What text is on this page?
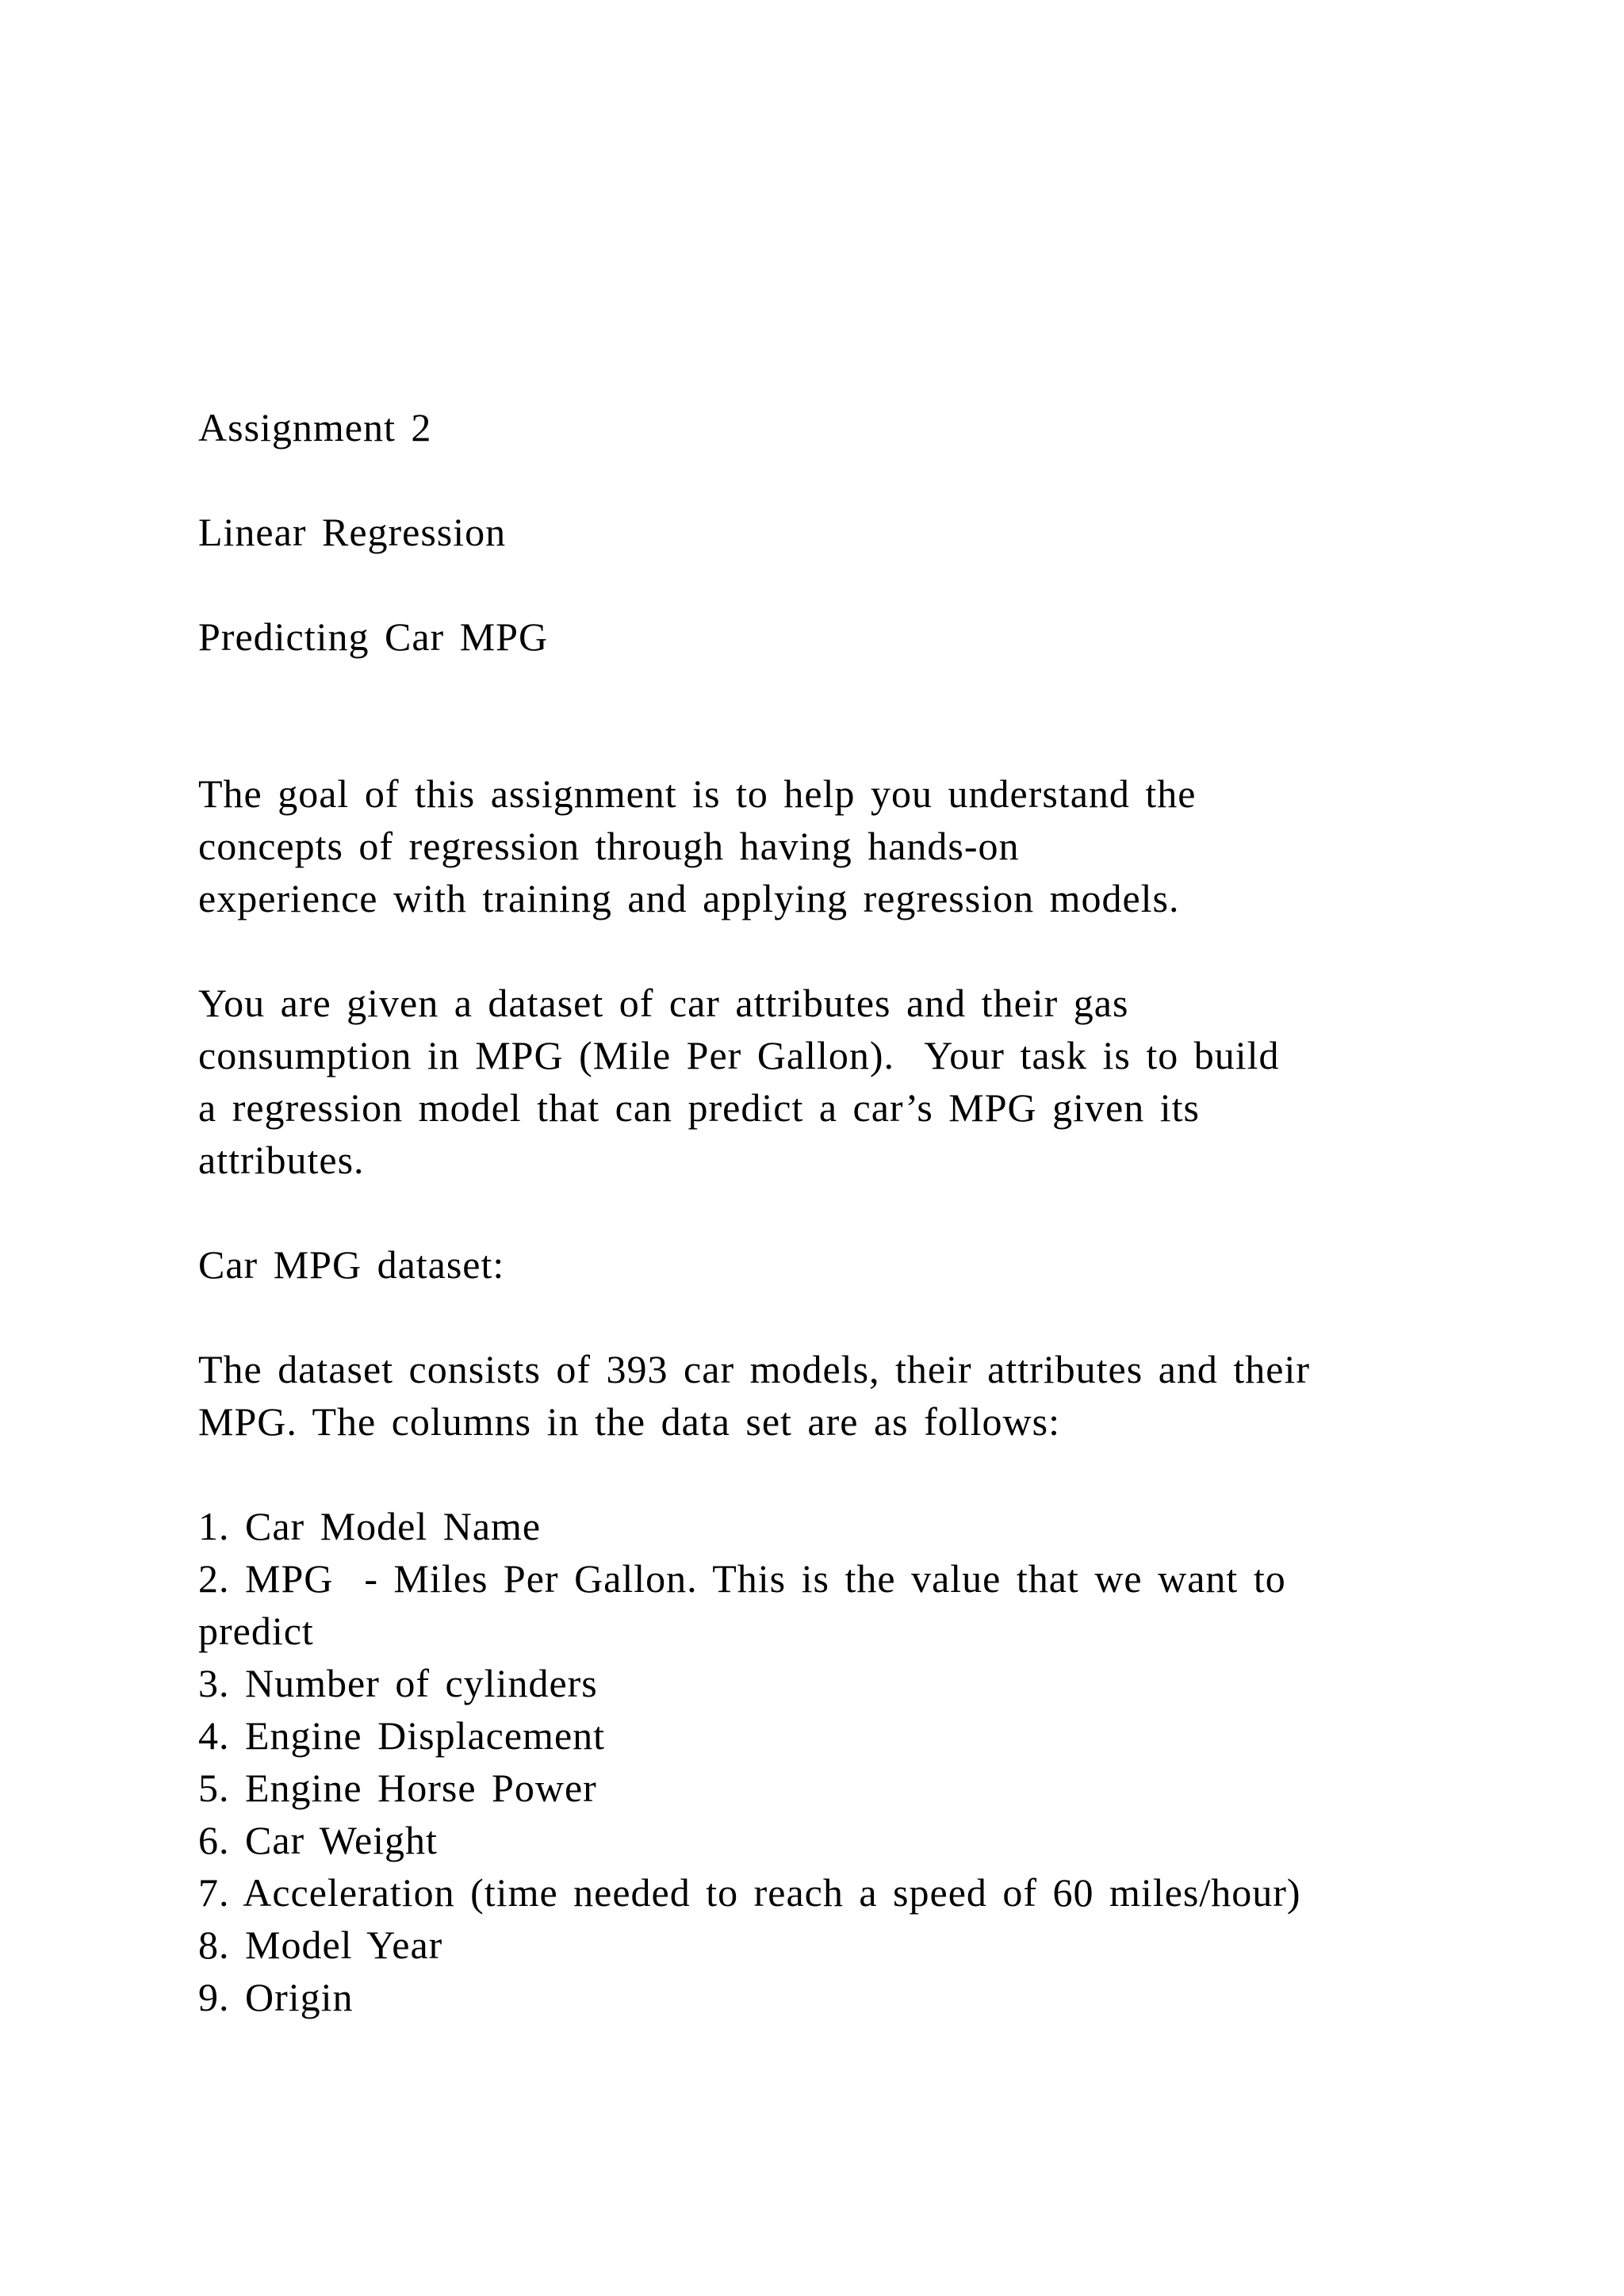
Assignment 2
Linear Regression
Predicting Car MPG
The goal of this assignment is to help you understand the
concepts of regression through having hands-on
experience with training and applying regression models.
You are given a dataset of car attributes and their gas
consumption in MPG (Mile Per Gallon).  Your task is to build
a regression model that can predict a car’s MPG given its
attributes.
Car MPG dataset:
The dataset consists of 393 car models, their attributes and their
MPG. The columns in the data set are as follows:
1. Car Model Name
2. MPG  - Miles Per Gallon. This is the value that we want to
predict
3. Number of cylinders
4. Engine Displacement
5. Engine Horse Power
6. Car Weight
7. Acceleration (time needed to reach a speed of 60 miles/hour)
8. Model Year
9. Origin
